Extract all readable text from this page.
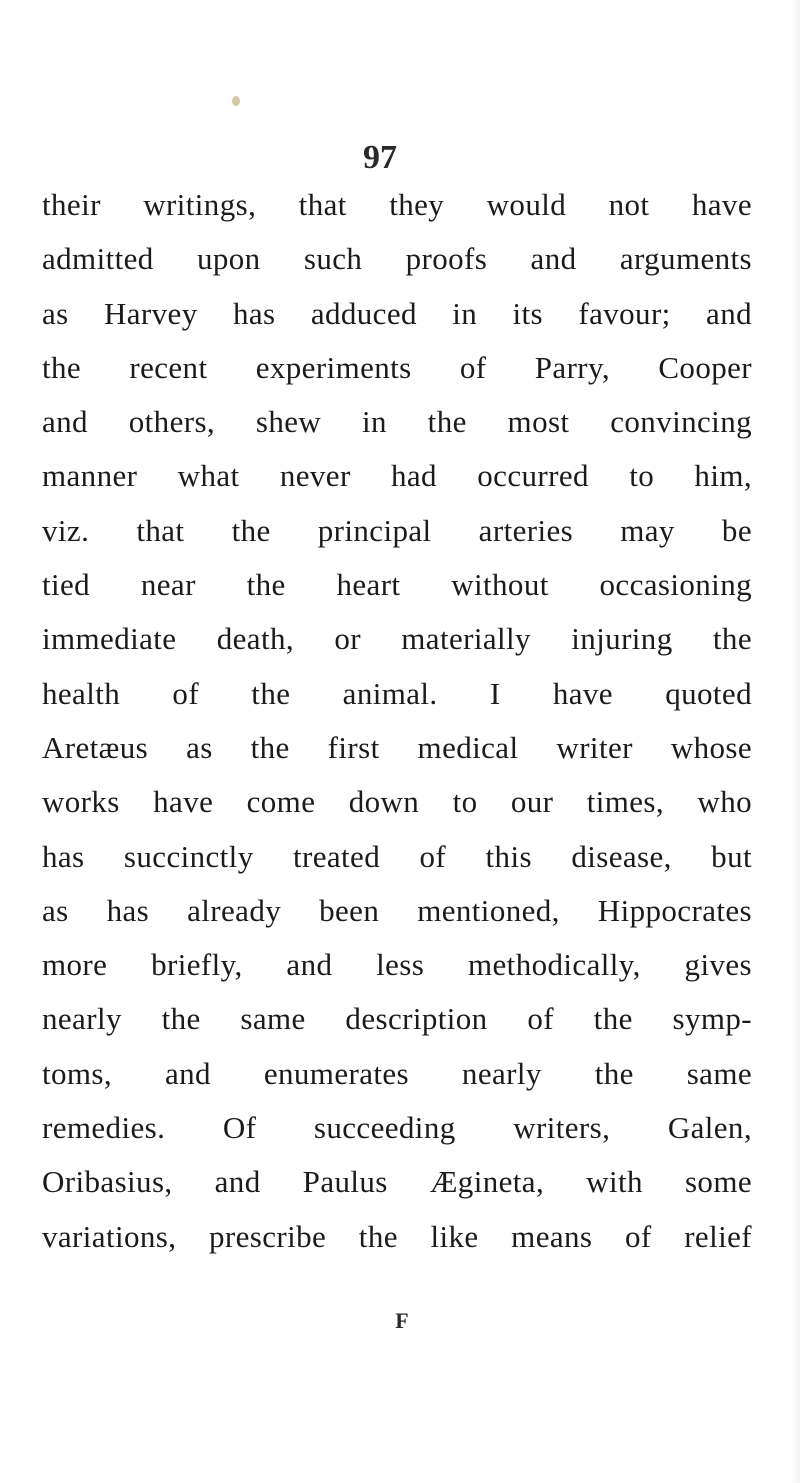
97
their writings, that they would not have
admitted upon such proofs and arguments
as Harvey has adduced in its favour; and
the recent experiments of Parry, Cooper
and others, shew in the most convincing
manner what never had occurred to him,
viz. that the principal arteries may be
tied near the heart without occasioning
immediate death, or materially injuring the
health of the animal. I have quoted
Aretæus as the first medical writer whose
works have come down to our times, who
has succinctly treated of this disease, but
as has already been mentioned, Hippocrates
more briefly, and less methodically, gives
nearly the same description of the symp-
toms, and enumerates nearly the same
remedies. Of succeeding writers, Galen,
Oribasius, and Paulus Ægineta, with some
variations, prescribe the like means of relief
F
